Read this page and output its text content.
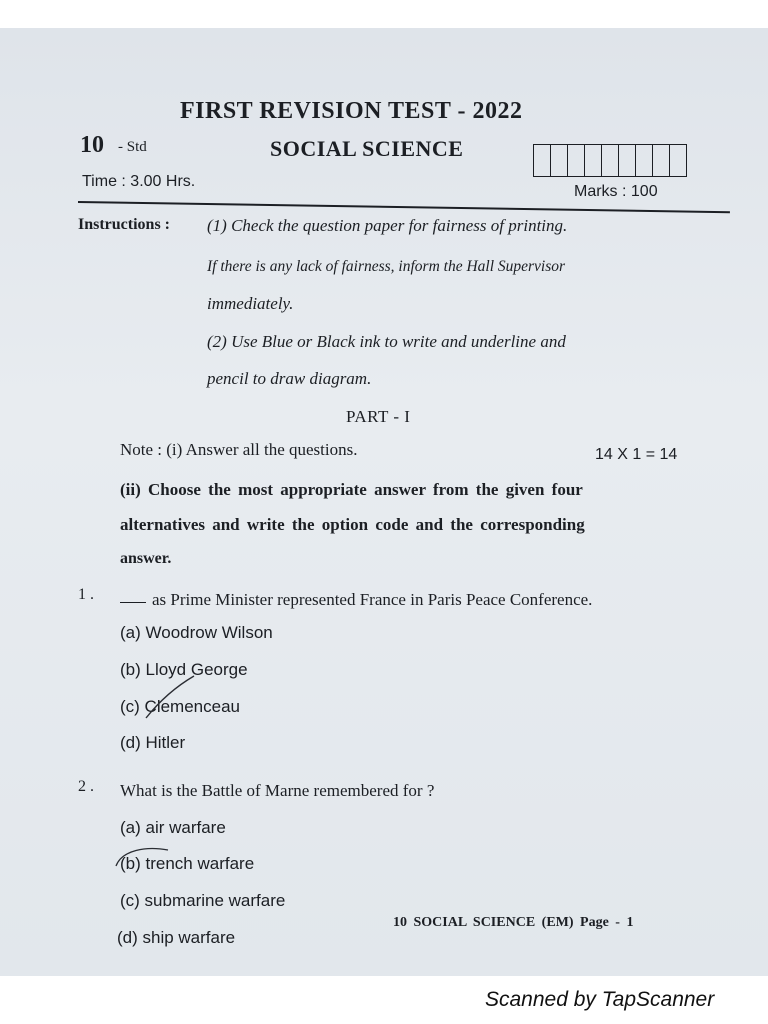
FIRST REVISION TEST - 2022
10 - Std	SOCIAL SCIENCE
Time : 3.00 Hrs.
Marks : 100
Instructions : (1) Check the question paper for fairness of printing.
If there is any lack of fairness, inform the Hall Supervisor
immediately.
(2) Use Blue or Black ink to write and underline and
pencil to draw diagram.
PART - I
Note : (i) Answer all the questions.	14 X 1 = 14
(ii) Choose the most appropriate answer from the given four
alternatives and write the option code and the corresponding
answer.
1 .	as Prime Minister represented France in Paris Peace Conference.
(a) Woodrow Wilson
(b) Lloyd George
(c) Clemenceau
(d) Hitler
2 . What is the Battle of Marne remembered for ?
(a) air warfare
(b) trench warfare
(c) submarine warfare
(d) ship warfare
10 SOCIAL SCIENCE (EM) Page - 1
Scanned by TapScanner
